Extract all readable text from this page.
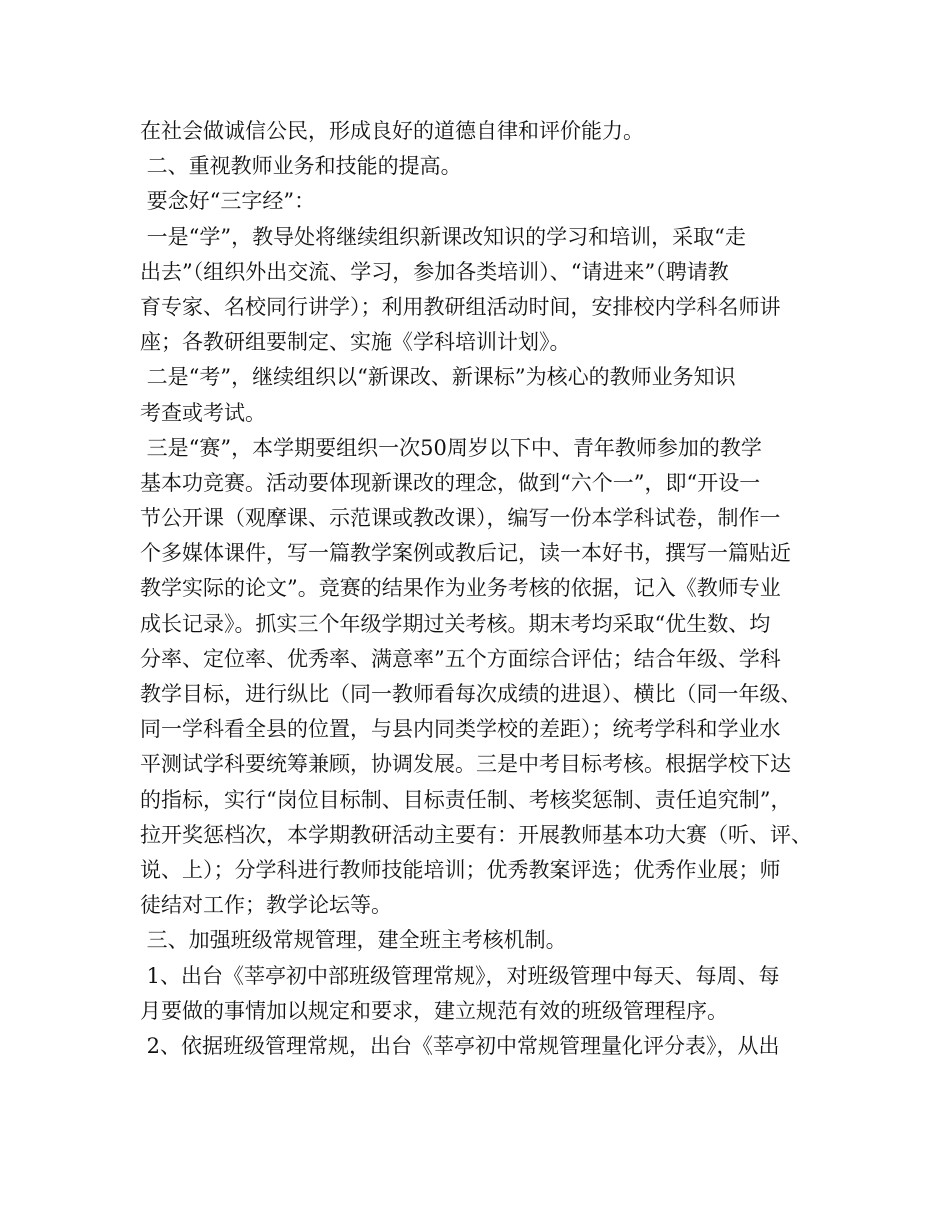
在社会做诚信公民，形成良好的道德自律和评价能力。
二、重视教师业务和技能的提高。
要念好“三字经”：
一是“学”，教导处将继续组织新课改知识的学习和培训，采取“走
出去”（组织外出交流、学习，参加各类培训）、“请进来”（聘请教
育专家、名校同行讲学）；利用教研组活动时间，安排校内学科名师讲
座；各教研组要制定、实施《学科培训计划》。
二是“考”，继续组织以“新课改、新课标”为核心的教师业务知识
考查或考试。
三是“赛”，本学期要组织一次50周岁以下中、青年教师参加的教学
基本功竞赛。活动要体现新课改的理念，做到“六个一”，即“开设一
节公开课（观摩课、示范课或教改课），编写一份本学科试卷，制作一
个多媒体课件，写一篇教学案例或教后记，读一本好书，撰写一篇贴近
教学实际的论文”。竞赛的结果作为业务考核的依据，记入《教师专业
成长记录》。抓实三个年级学期过关考核。期末考均采取“优生数、均
分率、定位率、优秀率、满意率”五个方面综合评估；结合年级、学科
教学目标，进行纵比（同一教师看每次成绩的进退）、横比（同一年级、
同一学科看全县的位置，与县内同类学校的差距）；统考学科和学业水
平测试学科要统筹兼顾，协调发展。三是中考目标考核。根据学校下达
的指标，实行“岗位目标制、目标责任制、考核奖惩制、责任追究制”，
拉开奖惩档次，本学期教研活动主要有：开展教师基本功大赛（听、评、
说、上）；分学科进行教师技能培训；优秀教案评选；优秀作业展；师
徒结对工作；教学论坛等。
三、加强班级常规管理，建全班主考核机制。
1、出台《莘亭初中部班级管理常规》，对班级管理中每天、每周、每
月要做的事情加以规定和要求，建立规范有效的班级管理程序。
2、依据班级管理常规，出台《莘亭初中常规管理量化评分表》，从出
